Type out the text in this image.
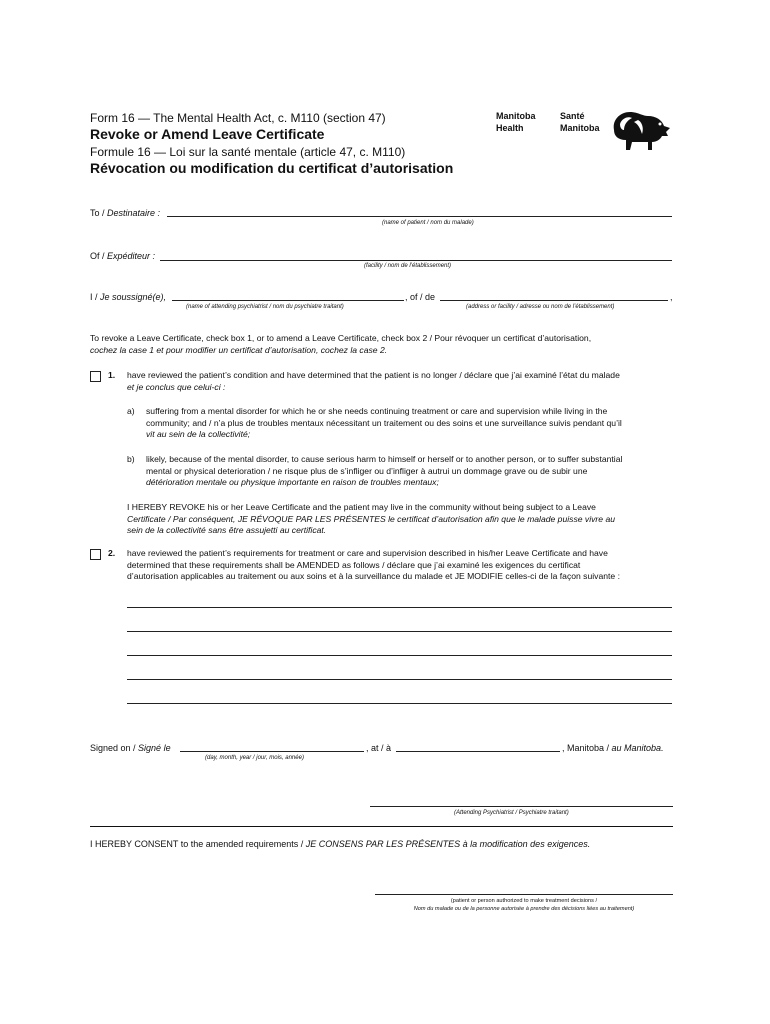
Form 16 — The Mental Health Act, c. M110 (section 47)
Revoke or Amend Leave Certificate
Formule 16 — Loi sur la santé mentale (article 47, c. M110)
Révocation ou modification du certificat d’autorisation
Manitoba
Health
Santé
Manitoba
To / Destinataire :
(name of patient / nom du malade)
Of / Expéditeur :
(facility / nom de l’établissement)
I / Je soussigné(e),
(name of attending psychiatrist / nom du psychiatre traitant)
, of / de
(address or facility / adresse ou nom de l’établissement)
,
To revoke a Leave Certificate, check box 1, or to amend a Leave Certificate, check box 2 / Pour révoquer un certificat d’autorisation,
cochez la case 1 et pour modifier un certificat d’autorisation, cochez la case 2.
1. have reviewed the patient’s condition and have determined that the patient is no longer / déclare que j’ai examiné l’état du malade
et je conclus que celui-ci :
a) suffering from a mental disorder for which he or she needs continuing treatment or care and supervision while living in the
community; and / n’a plus de troubles mentaux nécessitant un traitement ou des soins et une surveillance suivis pendant qu’il
vit au sein de la collectivité;
b) likely, because of the mental disorder, to cause serious harm to himself or herself or to another person, or to suffer substantial
mental or physical deterioration / ne risque plus de s’infliger ou d’infliger à autrui un dommage grave ou de subir une
détérioration mentale ou physique importante en raison de troubles mentaux;
I HEREBY REVOKE his or her Leave Certificate and the patient may live in the community without being subject to a Leave
Certificate / Par conséquent, JE RÉVOQUE PAR LES PRÉSENTES le certificat d’autorisation afin que le malade puisse vivre au
sein de la collectivité sans être assujetti au certificat.
2. have reviewed the patient’s requirements for treatment or care and supervision described in his/her Leave Certificate and have
determined that these requirements shall be AMENDED as follows / déclare que j’ai examiné les exigences du certificat
d’autorisation applicables au traitement ou aux soins et à la surveillance du malade et JE MODIFIE celles-ci de la façon suivante :
Signed on / Signé le
(day, month, year / jour, mois, année)
, at / à	, Manitoba / au Manitoba.
(Attending Psychiatrist / Psychiatre traitant)
I HEREBY CONSENT to the amended requirements / JE CONSENS PAR LES PRÉSENTES à la modification des exigences.
(patient or person authorized to make treatment decisions /
Nom du malade ou de la personne autorisée à prendre des décisions liées au traitement)
